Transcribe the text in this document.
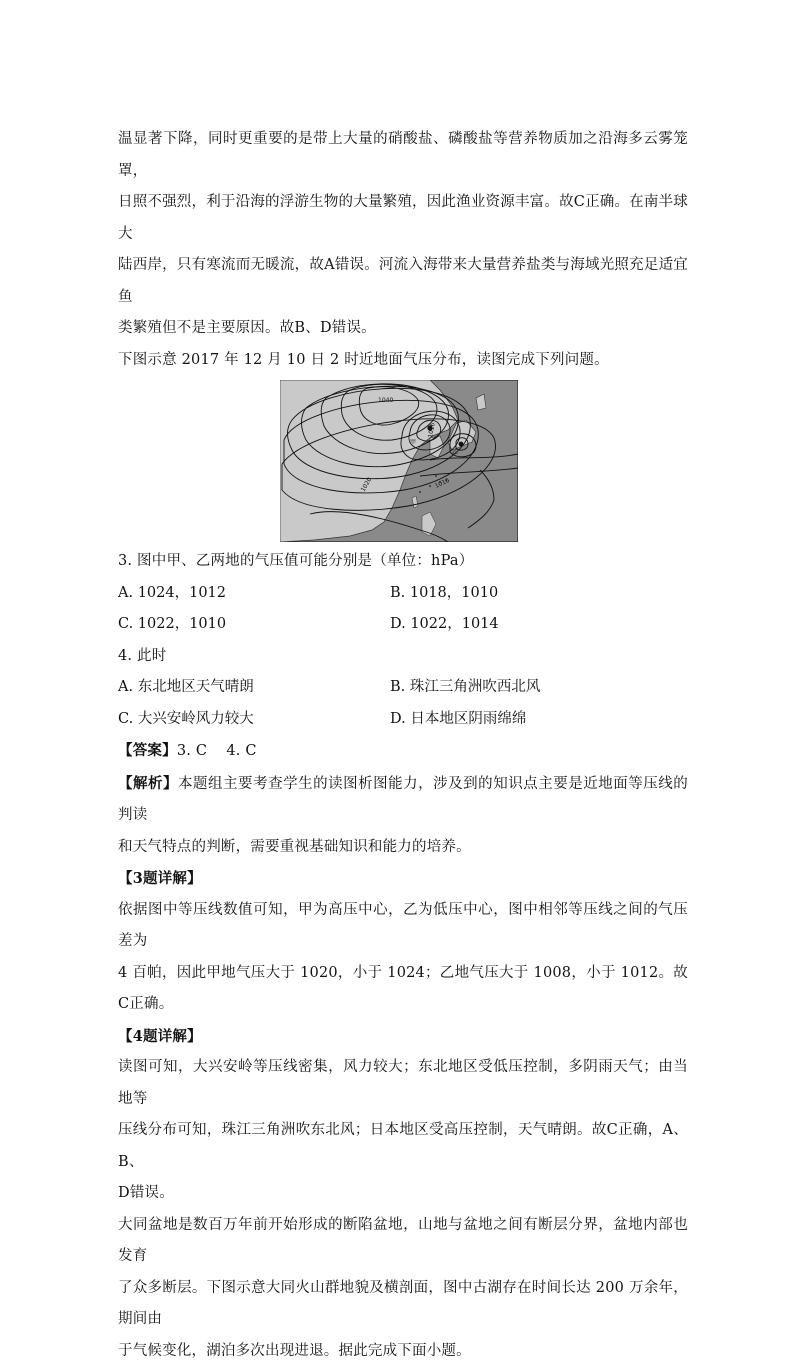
温显著下降，同时更重要的是带上大量的硝酸盐、磷酸盐等营养物质加之沿海多云雾笼罩，

日照不强烈，利于沿海的浮游生物的大量繁殖，因此渔业资源丰富。故C正确。在南半球大

陆西岸，只有寒流而无暖流，故A错误。河流入海带来大量营养盐类与海域光照充足适宜鱼

类繁殖但不是主要原因。故B、D错误。

下图示意 2017 年 12 月 10 日 2 时近地面气压分布，读图完成下列问题。

1040
1016
1020	1016
甲
乙

3. 图中甲、乙两地的气压值可能分别是（单位：hPa）

A. 1024，1012	B. 1018，1010
C. 1022，1010	D. 1022，1014

4. 此时

A. 东北地区天气晴朗	B. 珠江三角洲吹西北风
C. 大兴安岭风力较大	D. 日本地区阴雨绵绵

【答案】3. C    4. C

【解析】本题组主要考查学生的读图析图能力，涉及到的知识点主要是近地面等压线的判读

和天气特点的判断，需要重视基础知识和能力的培养。

【3题详解】

依据图中等压线数值可知，甲为高压中心，乙为低压中心，图中相邻等压线之间的气压差为

4 百帕，因此甲地气压大于 1020，小于 1024；乙地气压大于 1008，小于 1012。故C正确。

【4题详解】

读图可知，大兴安岭等压线密集，风力较大；东北地区受低压控制，多阴雨天气；由当地等

压线分布可知，珠江三角洲吹东北风；日本地区受高压控制，天气晴朗。故C正确，A、B、

D错误。

大同盆地是数百万年前开始形成的断陷盆地，山地与盆地之间有断层分界，盆地内部也发育

了众多断层。下图示意大同火山群地貌及横剖面，图中古湖存在时间长达 200 万余年，期间由

于气候变化，湖泊多次出现进退。据此完成下面小题。
